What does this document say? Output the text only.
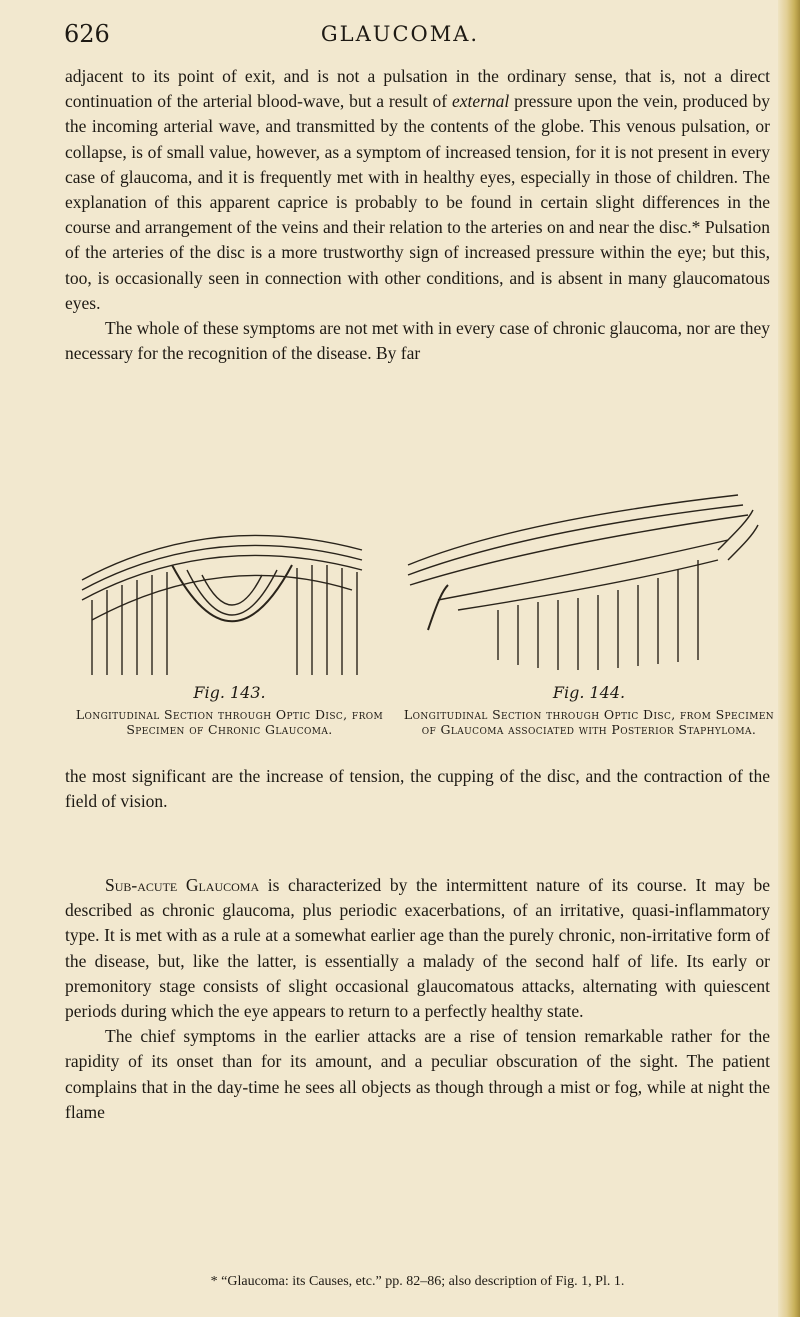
626	GLAUCOMA.

adjacent to its point of exit, and is not a pulsation in the ordinary sense, that is, not a direct continuation of the arterial blood-wave, but a result of external pressure upon the vein, produced by the incoming arterial wave, and transmitted by the contents of the globe. This venous pulsation, or collapse, is of small value, however, as a symptom of increased tension, for it is not present in every case of glaucoma, and it is frequently met with in healthy eyes, especially in those of children. The explanation of this apparent caprice is probably to be found in certain slight differences in the course and arrangement of the veins and their relation to the arteries on and near the disc.* Pulsation of the arteries of the disc is a more trustworthy sign of increased pressure within the eye; but this, too, is occasionally seen in connection with other conditions, and is absent in many glaucomatous eyes.

The whole of these symptoms are not met with in every case of chronic glaucoma, nor are they necessary for the recognition of the disease. By far

Fig. 143.
Longitudinal Section through Optic Disc, from Specimen of Chronic Glaucoma.
Fig. 144.
Longitudinal Section through Optic Disc, from Specimen of Glaucoma associated with Posterior Staphyloma.

the most significant are the increase of tension, the cupping of the disc, and the contraction of the field of vision.

Sub-acute Glaucoma is characterized by the intermittent nature of its course. It may be described as chronic glaucoma, plus periodic exacerbations, of an irritative, quasi-inflammatory type. It is met with as a rule at a somewhat earlier age than the purely chronic, non-irritative form of the disease, but, like the latter, is essentially a malady of the second half of life. Its early or premonitory stage consists of slight occasional glaucomatous attacks, alternating with quiescent periods during which the eye appears to return to a perfectly healthy state.

The chief symptoms in the earlier attacks are a rise of tension remarkable rather for the rapidity of its onset than for its amount, and a peculiar obscuration of the sight. The patient complains that in the day-time he sees all objects as though through a mist or fog, while at night the flame

* “Glaucoma: its Causes, etc.” pp. 82–86; also description of Fig. 1, Pl. 1.
